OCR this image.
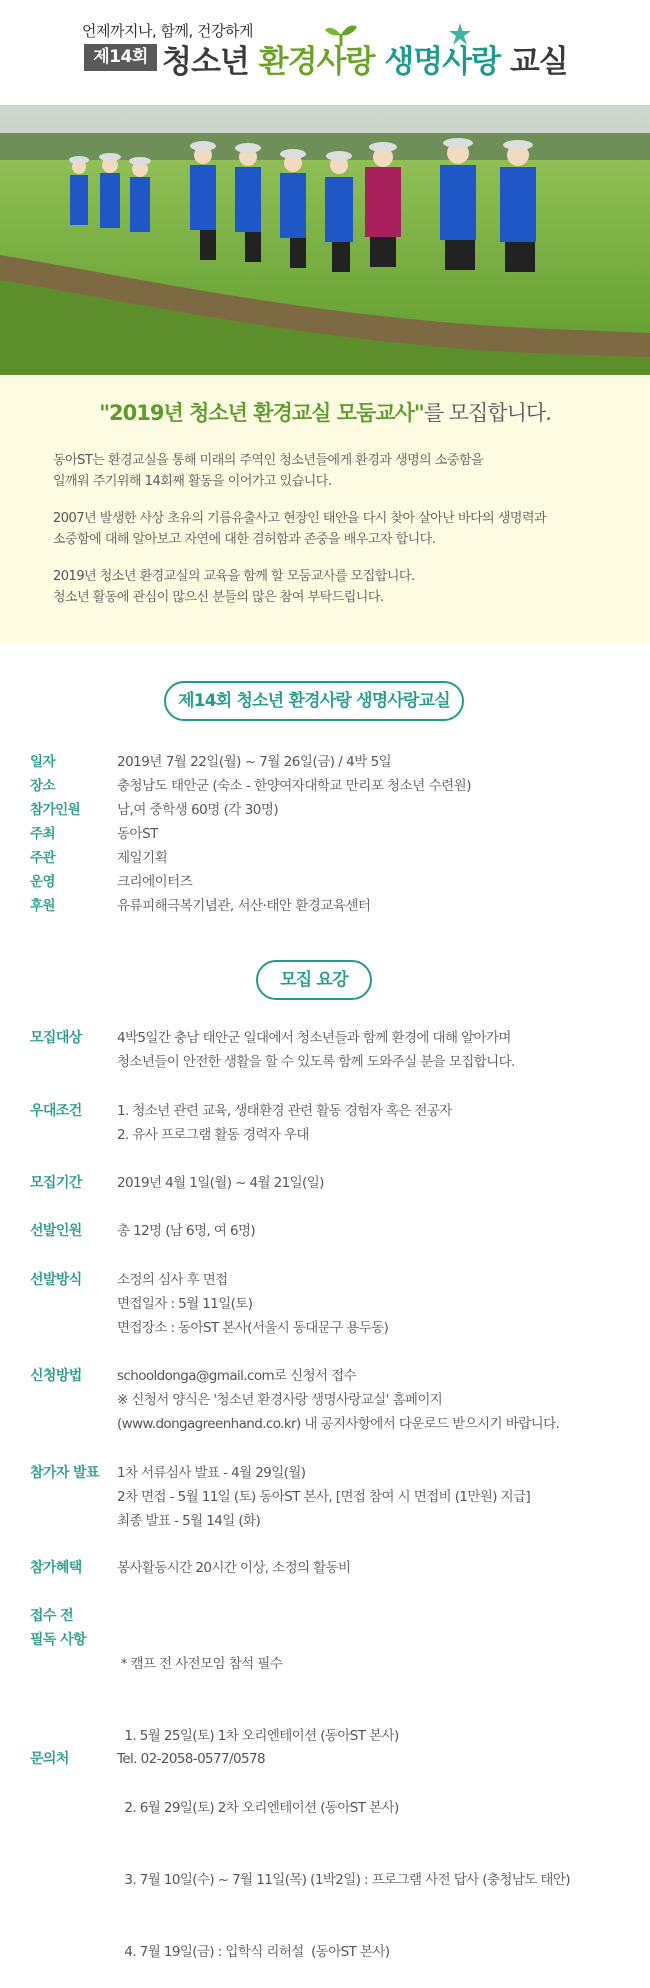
언제까지나, 함께, 건강하게
제14회 청소년 환경사랑 생명사랑 교실
"2019년 청소년 환경교실 모둠교사"를 모집합니다.
동아ST는 환경교실을 통해 미래의 주역인 청소년들에게 환경과 생명의 소중함을
일깨워 주기위해 14회째 활동을 이어가고 있습니다.
2007년 발생한 사상 초유의 기름유출사고 현장인 태안을 다시 찾아 살아난 바다의 생명력과
소중함에 대해 알아보고 자연에 대한 겸허함과 존중을 배우고자 합니다.
2019년 청소년 환경교실의 교육을 함께 할 모둠교사를 모집합니다.
청소년 활동에 관심이 많으신 분들의 많은 참여 부탁드립니다.
제14회 청소년 환경사랑 생명사랑교실
일자	2019년 7월 22일(월) ~ 7월 26일(금) / 4박 5일
장소	충청남도 태안군 (숙소 - 한양여자대학교 만리포 청소년 수련원)
참가인원	남,여 중학생 60명 (각 30명)
주최	동아ST
주관	제일기획
운영	크리에이터즈
후원	유류피해극복기념관, 서산·태안 환경교육센터
모집 요강
모집대상	4박5일간 충남 태안군 일대에서 청소년들과 함께 환경에 대해 알아가며
청소년들이 안전한 생활을 할 수 있도록 함께 도와주실 분을 모집합니다.
우대조건	1. 청소년 관련 교육, 생태환경 관련 활동 경험자 혹은 전공자
2. 유사 프로그램 활동 경력자 우대
모집기간	2019년 4월 1일(월) ~ 4월 21일(일)
선발인원	총 12명 (남 6명, 여 6명)
선발방식	소정의 심사 후 면접
면접일자 : 5월 11일(토)
면접장소 : 동아ST 본사(서울시 동대문구 용두동)
신청방법	schooldonga@gmail.com로 신청서 접수
※ 신청서 양식은 '청소년 환경사랑 생명사랑교실' 홈페이지
(www.dongagreenhand.co.kr) 내 공지사항에서 다운로드 받으시기 바랍니다.
참가자 발표 1차 서류심사 발표 - 4월 29일(월)
2차 면접 - 5월 11일 (토) 동아ST 본사, [면접 참여 시 면접비 (1만원) 지급]
최종 발표 - 5월 14일 (화)
참가혜택	봉사활동시간 20시간 이상, 소정의 활동비
접수 전
필독 사항

* 캠프 전 사전모임 참석 필수

1. 5월 25일(토) 1차 오리엔테이션 (동아ST 본사)

2. 6월 29일(토) 2차 오리엔테이션 (동아ST 본사)

3. 7월 10일(수) ~ 7월 11일(목) (1박2일) : 프로그램 사전 답사 (충청남도 태안)

4. 7월 19일(금) : 입학식 리허설  (동아ST 본사)

문의처	Tel. 02-2058-0577/0578
